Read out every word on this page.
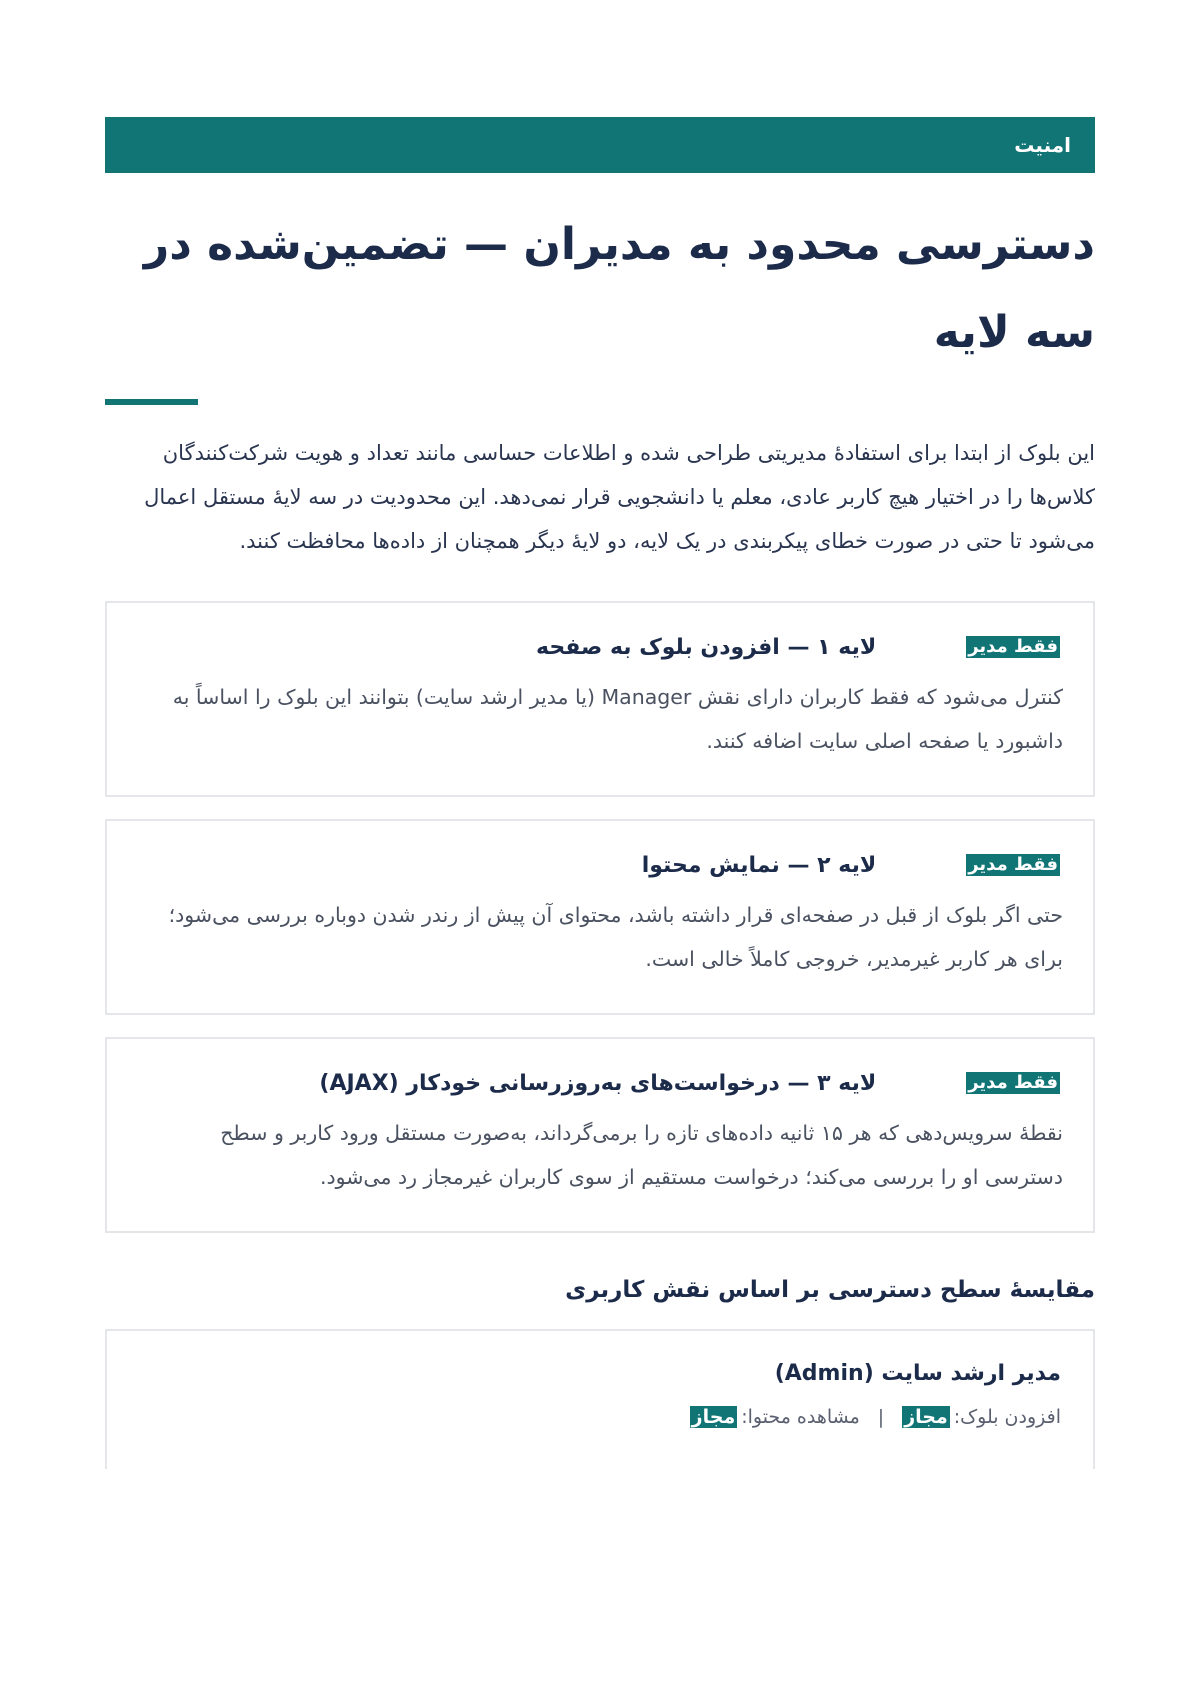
امنیت
دسترسی محدود به مدیران — تضمین‌شده در سه لایه

این بلوک از ابتدا برای استفادهٔ مدیریتی طراحی شده و اطلاعات حساسی مانند تعداد و هویت شرکت‌کنندگان کلاس‌ها را در اختیار هیچ کاربر عادی، معلم یا دانشجویی قرار نمی‌دهد. این محدودیت در سه لایهٔ مستقل اعمال می‌شود تا حتی در صورت خطای پیکربندی در یک لایه، دو لایهٔ دیگر همچنان از داده‌ها محافظت کنند.

فقط مدیر
لایه ۱ — افزودن بلوک به صفحه
کنترل می‌شود که فقط کاربران دارای نقش Manager (یا مدیر ارشد سایت) بتوانند این بلوک را اساساً به داشبورد یا صفحه اصلی سایت اضافه کنند.
فقط مدیر
لایه ۲ — نمایش محتوا
حتی اگر بلوک از قبل در صفحه‌ای قرار داشته باشد، محتوای آن پیش از رندر شدن دوباره بررسی می‌شود؛ برای هر کاربر غیرمدیر، خروجی کاملاً خالی است.
فقط مدیر
لایه ۳ — درخواست‌های به‌روزرسانی خودکار (AJAX)
نقطهٔ سرویس‌دهی که هر ۱۵ ثانیه داده‌های تازه را برمی‌گرداند، به‌صورت مستقل ورود کاربر و سطح دسترسی او را بررسی می‌کند؛ درخواست مستقیم از سوی کاربران غیرمجاز رد می‌شود.
مقایسهٔ سطح دسترسی بر اساس نقش کاربری
مدیر ارشد سایت (Admin)
افزودن بلوک:
مجاز
|
مشاهده محتوا:
مجاز
